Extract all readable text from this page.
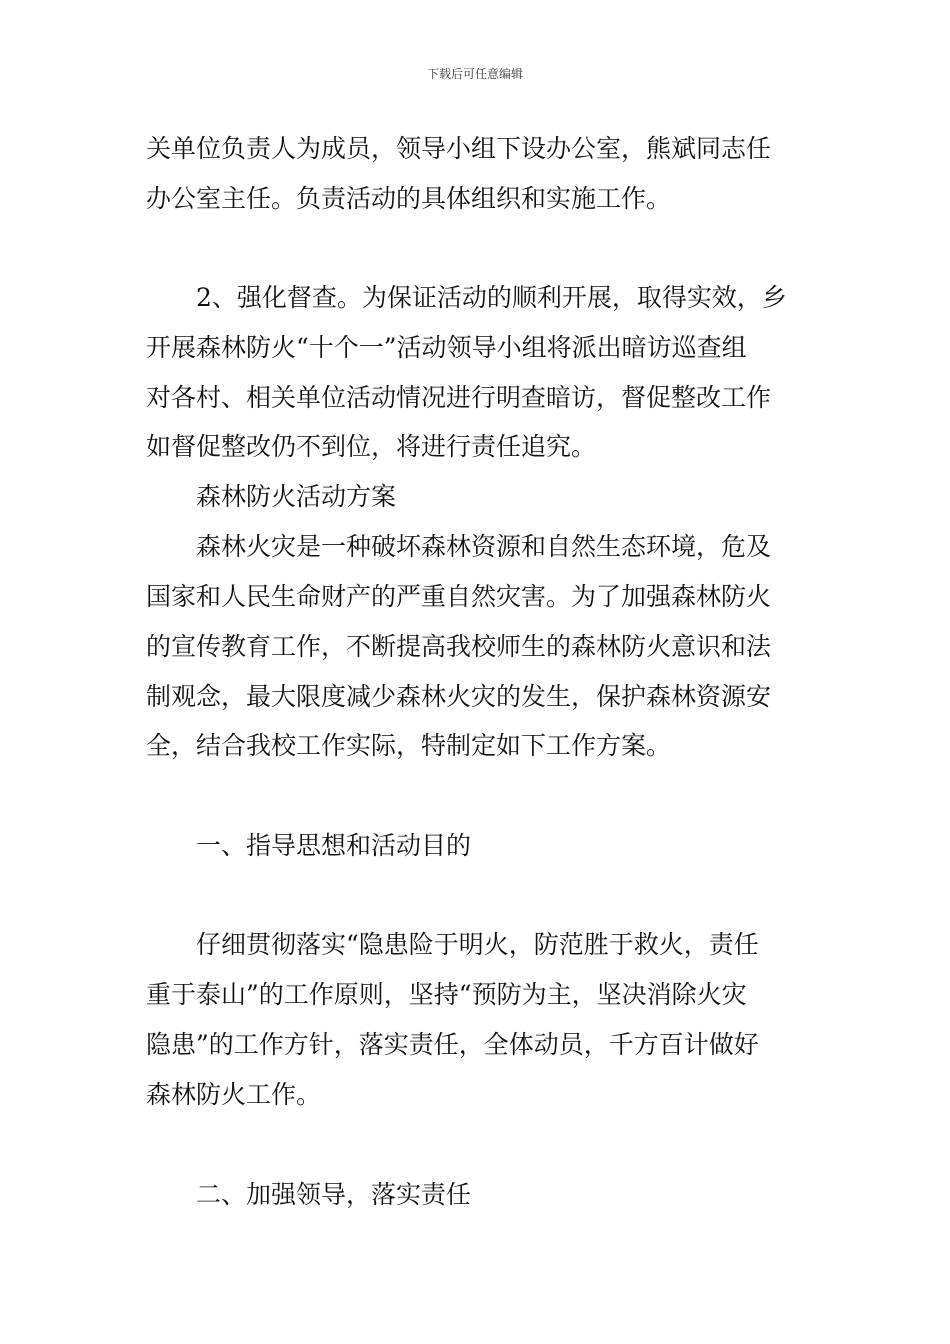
下载后可任意编辑
关单位负责人为成员，领导小组下设办公室，熊斌同志任
办公室主任。负责活动的具体组织和实施工作。
2、强化督查。为保证活动的顺利开展，取得实效，乡
开展森林防火“十个一”活动领导小组将派出暗访巡查组
对各村、相关单位活动情况进行明查暗访，督促整改工作
如督促整改仍不到位，将进行责任追究。
森林防火活动方案
森林火灾是一种破坏森林资源和自然生态环境，危及
国家和人民生命财产的严重自然灾害。为了加强森林防火
的宣传教育工作，不断提高我校师生的森林防火意识和法
制观念，最大限度减少森林火灾的发生，保护森林资源安
全，结合我校工作实际，特制定如下工作方案。
一、指导思想和活动目的
仔细贯彻落实“隐患险于明火，防范胜于救火，责任
重于泰山”的工作原则，坚持“预防为主，坚决消除火灾
隐患”的工作方针，落实责任，全体动员，千方百计做好
森林防火工作。
二、加强领导，落实责任
